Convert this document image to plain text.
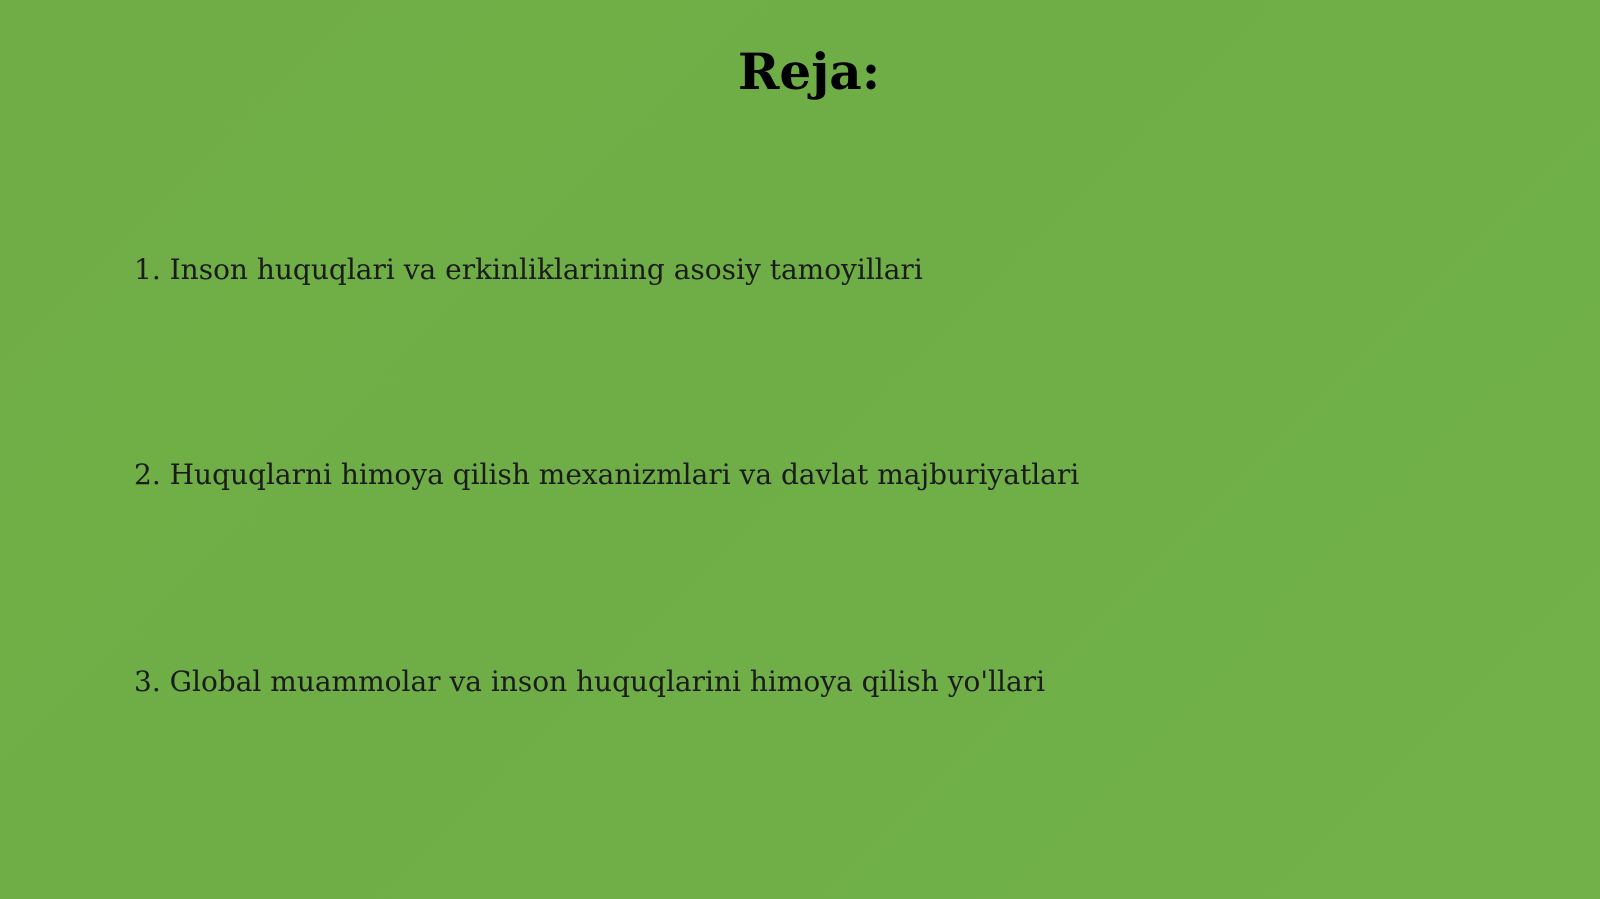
Reja:
1. Inson huquqlari va erkinliklarining asosiy tamoyillari
2. Huquqlarni himoya qilish mexanizmlari va davlat majburiyatlari
3. Global muammolar va inson huquqlarini himoya qilish yo'llari
